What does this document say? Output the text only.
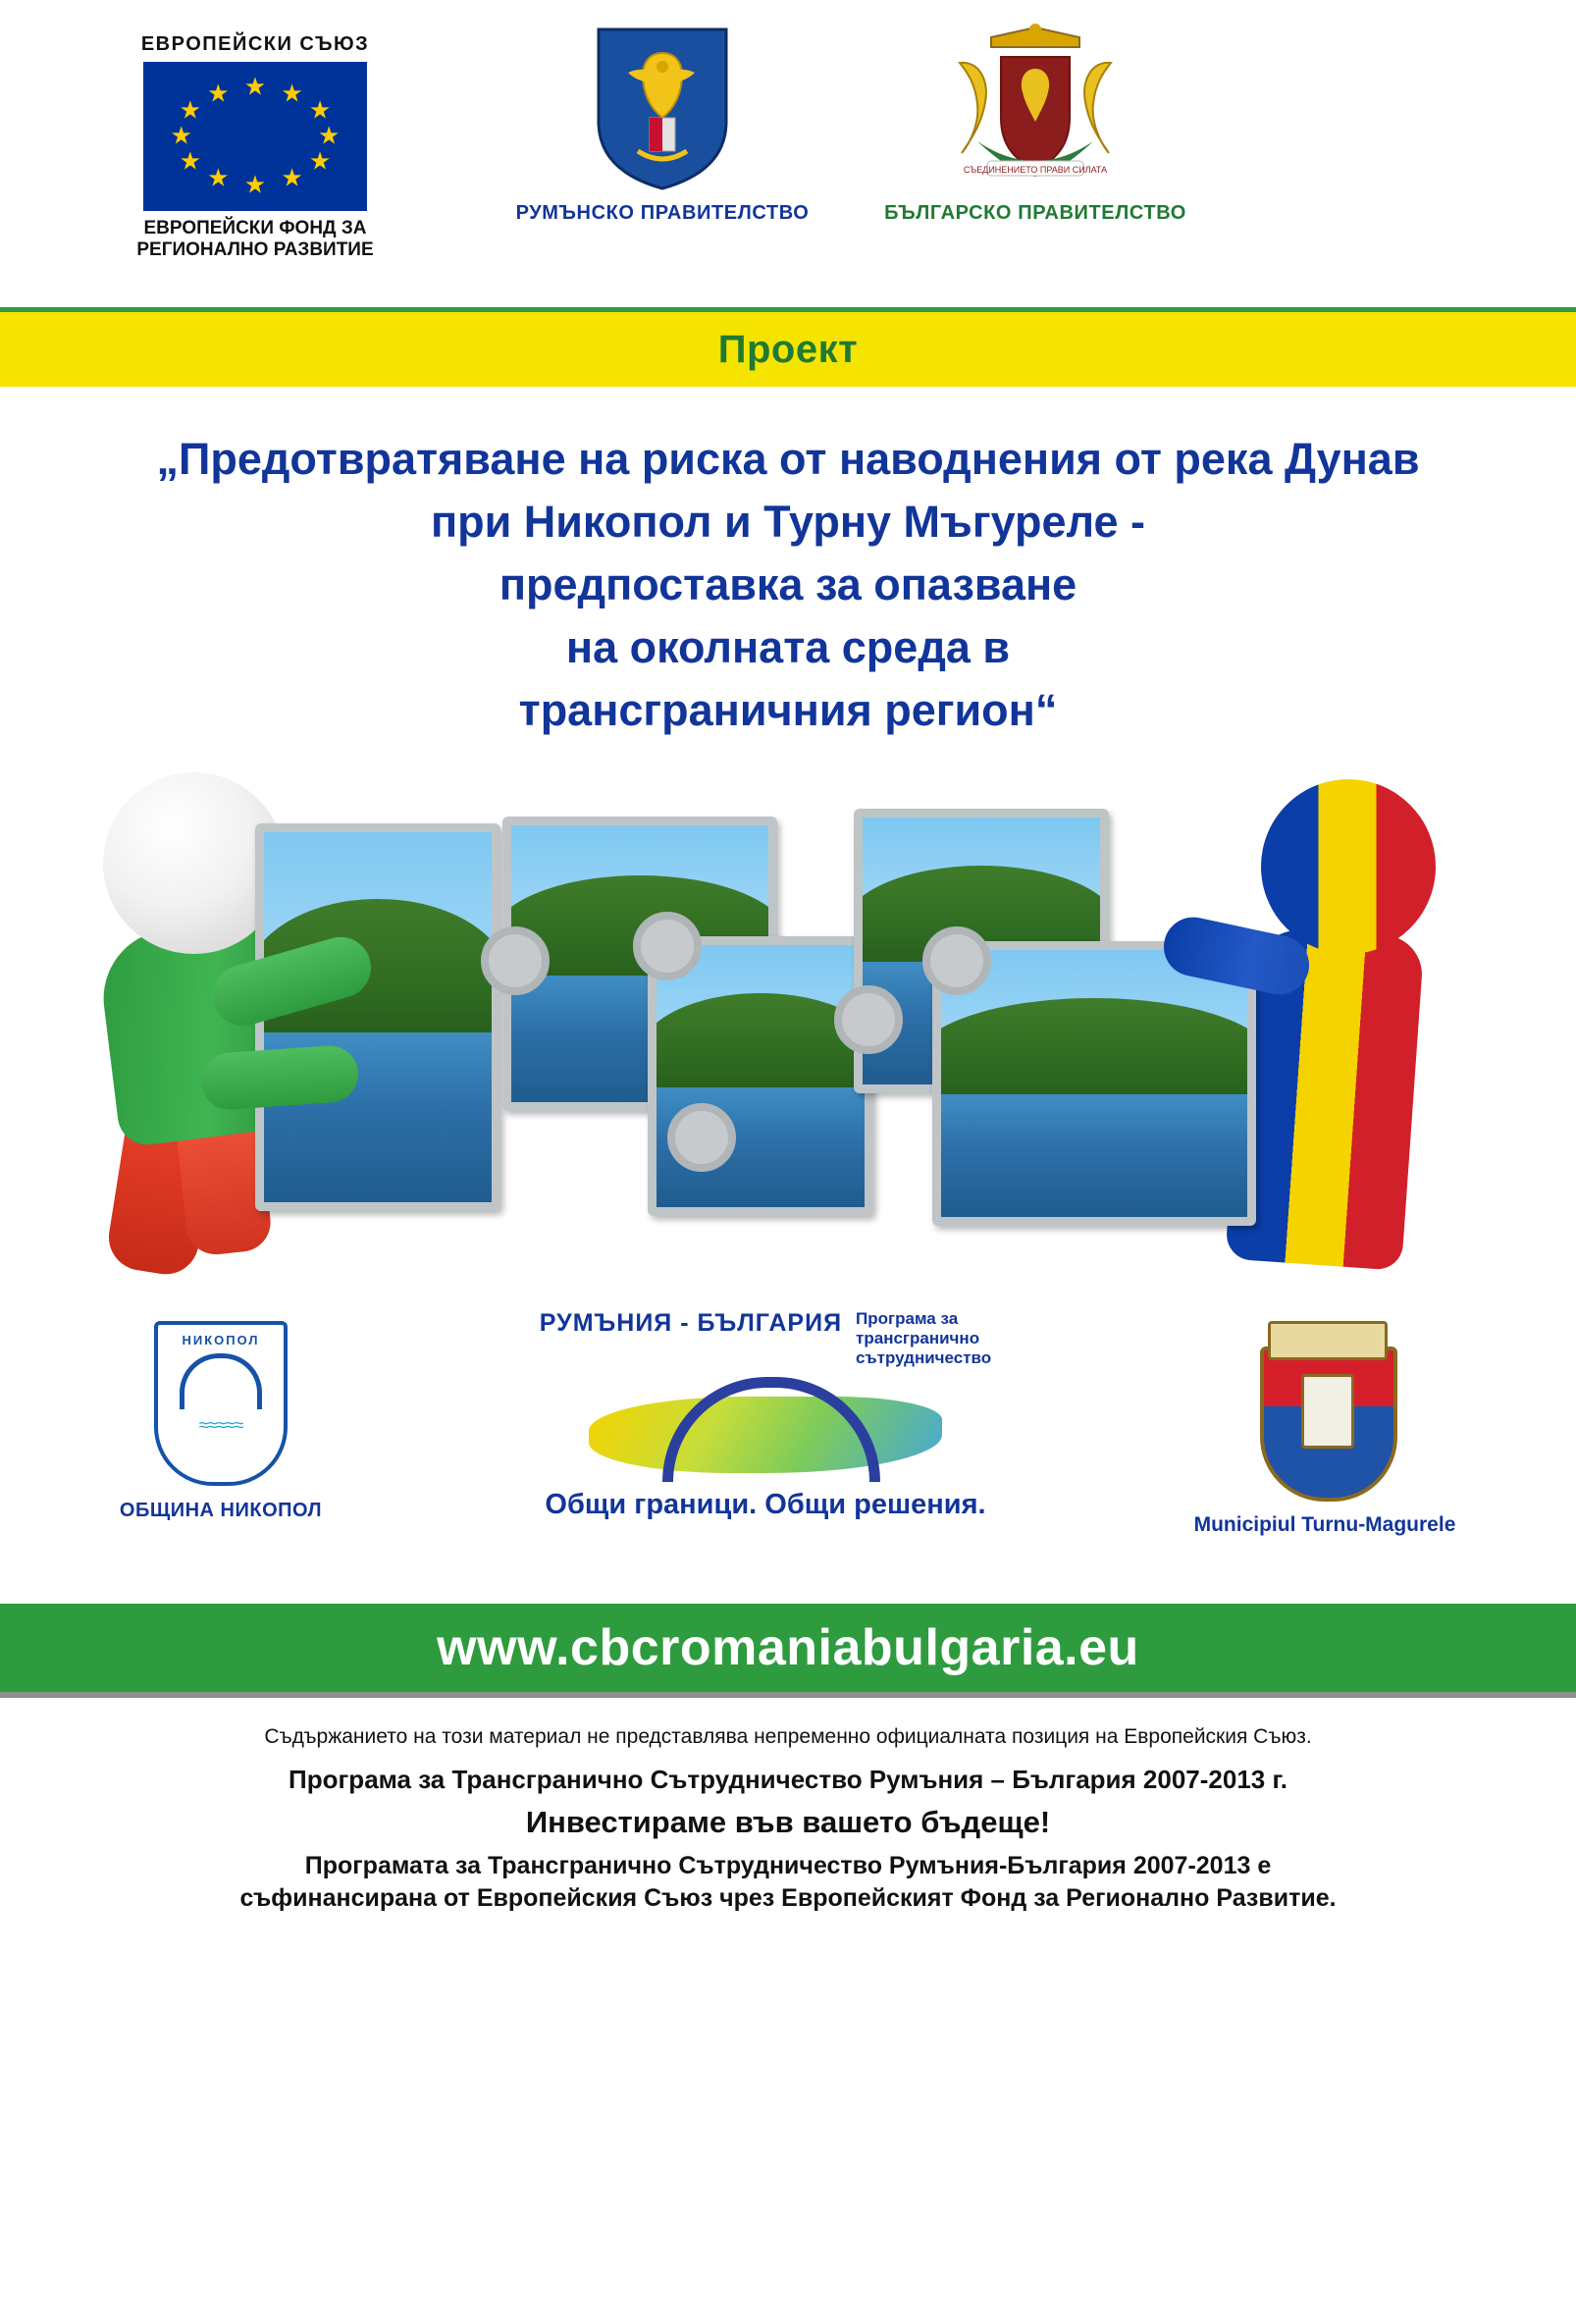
ЕВРОПЕЙСКИ СЪЮЗ
★ ★
★
★
★
★
★
★
★
★
★
★
ЕВРОПЕЙСКИ ФОНД ЗА
РЕГИОНАЛНО РАЗВИТИЕ
РУМЪНСКО ПРАВИТЕЛСТВО
СЪЕДИНЕНИЕТО ПРАВИ СИЛАТА
БЪЛГАРСКО ПРАВИТЕЛСТВО
Проект
„Предотвратяване на риска от наводнения от река Дунав
при Никопол и Турну Мъгуреле -
предпоставка за опазване
на околната среда в
трансграничния регион“
НИКОПОЛ
≈≈≈≈≈
ОБЩИНА НИКОПОЛ
РУМЪНИЯ - БЪЛГАРИЯ Програма за
трансгранично
сътрудничество
Общи граници. Общи решения.
Municipiul Turnu-Magurele
www.cbcromaniabulgaria.eu
Съдържанието на този материал не представлява непременно официалната позиция на Европейския Съюз.
Програма за Трансгранично Сътрудничество Румъния – България 2007-2013 г.
Инвестираме във вашето бъдеще!
Програмата за Трансгранично Сътрудничество Румъния-България 2007-2013 е
съфинансирана от Европейския Съюз чрез Европейският Фонд за Регионално Развитие.
